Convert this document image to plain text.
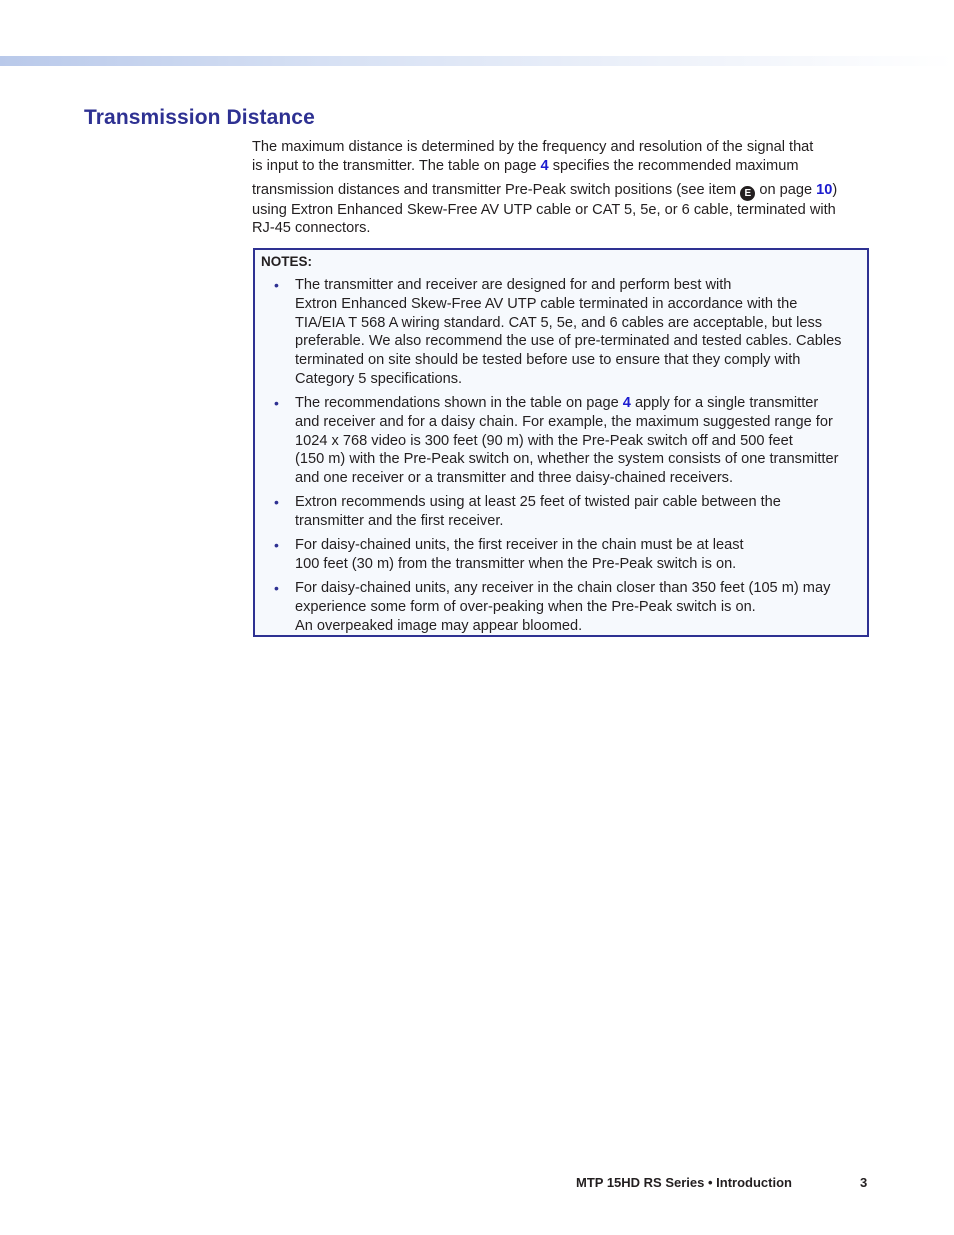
Transmission Distance
The maximum distance is determined by the frequency and resolution of the signal that
is input to the transmitter. The table on page 4 specifies the recommended maximum
transmission distances and transmitter Pre-Peak switch positions (see item E on page 10)
using Extron Enhanced Skew-Free AV UTP cable or CAT 5, 5e, or 6 cable, terminated with
RJ-45 connectors.
NOTES:
• The transmitter and receiver are designed for and perform best with
Extron Enhanced Skew-Free AV UTP cable terminated in accordance with the
TIA/EIA T 568 A wiring standard. CAT 5, 5e, and 6 cables are acceptable, but less
preferable. We also recommend the use of pre-terminated and tested cables. Cables
terminated on site should be tested before use to ensure that they comply with
Category 5 specifications.
• The recommendations shown in the table on page 4 apply for a single transmitter
and receiver and for a daisy chain. For example, the maximum suggested range for
1024 x 768 video is 300 feet (90 m) with the Pre-Peak switch off and 500 feet
(150 m) with the Pre-Peak switch on, whether the system consists of one transmitter
and one receiver or a transmitter and three daisy-chained receivers.
• Extron recommends using at least 25 feet of twisted pair cable between the
transmitter and the first receiver.
• For daisy-chained units, the first receiver in the chain must be at least
100 feet (30 m) from the transmitter when the Pre-Peak switch is on.
• For daisy-chained units, any receiver in the chain closer than 350 feet (105 m) may
experience some form of over-peaking when the Pre-Peak switch is on.
An overpeaked image may appear bloomed.
MTP 15HD RS Series • Introduction	3
